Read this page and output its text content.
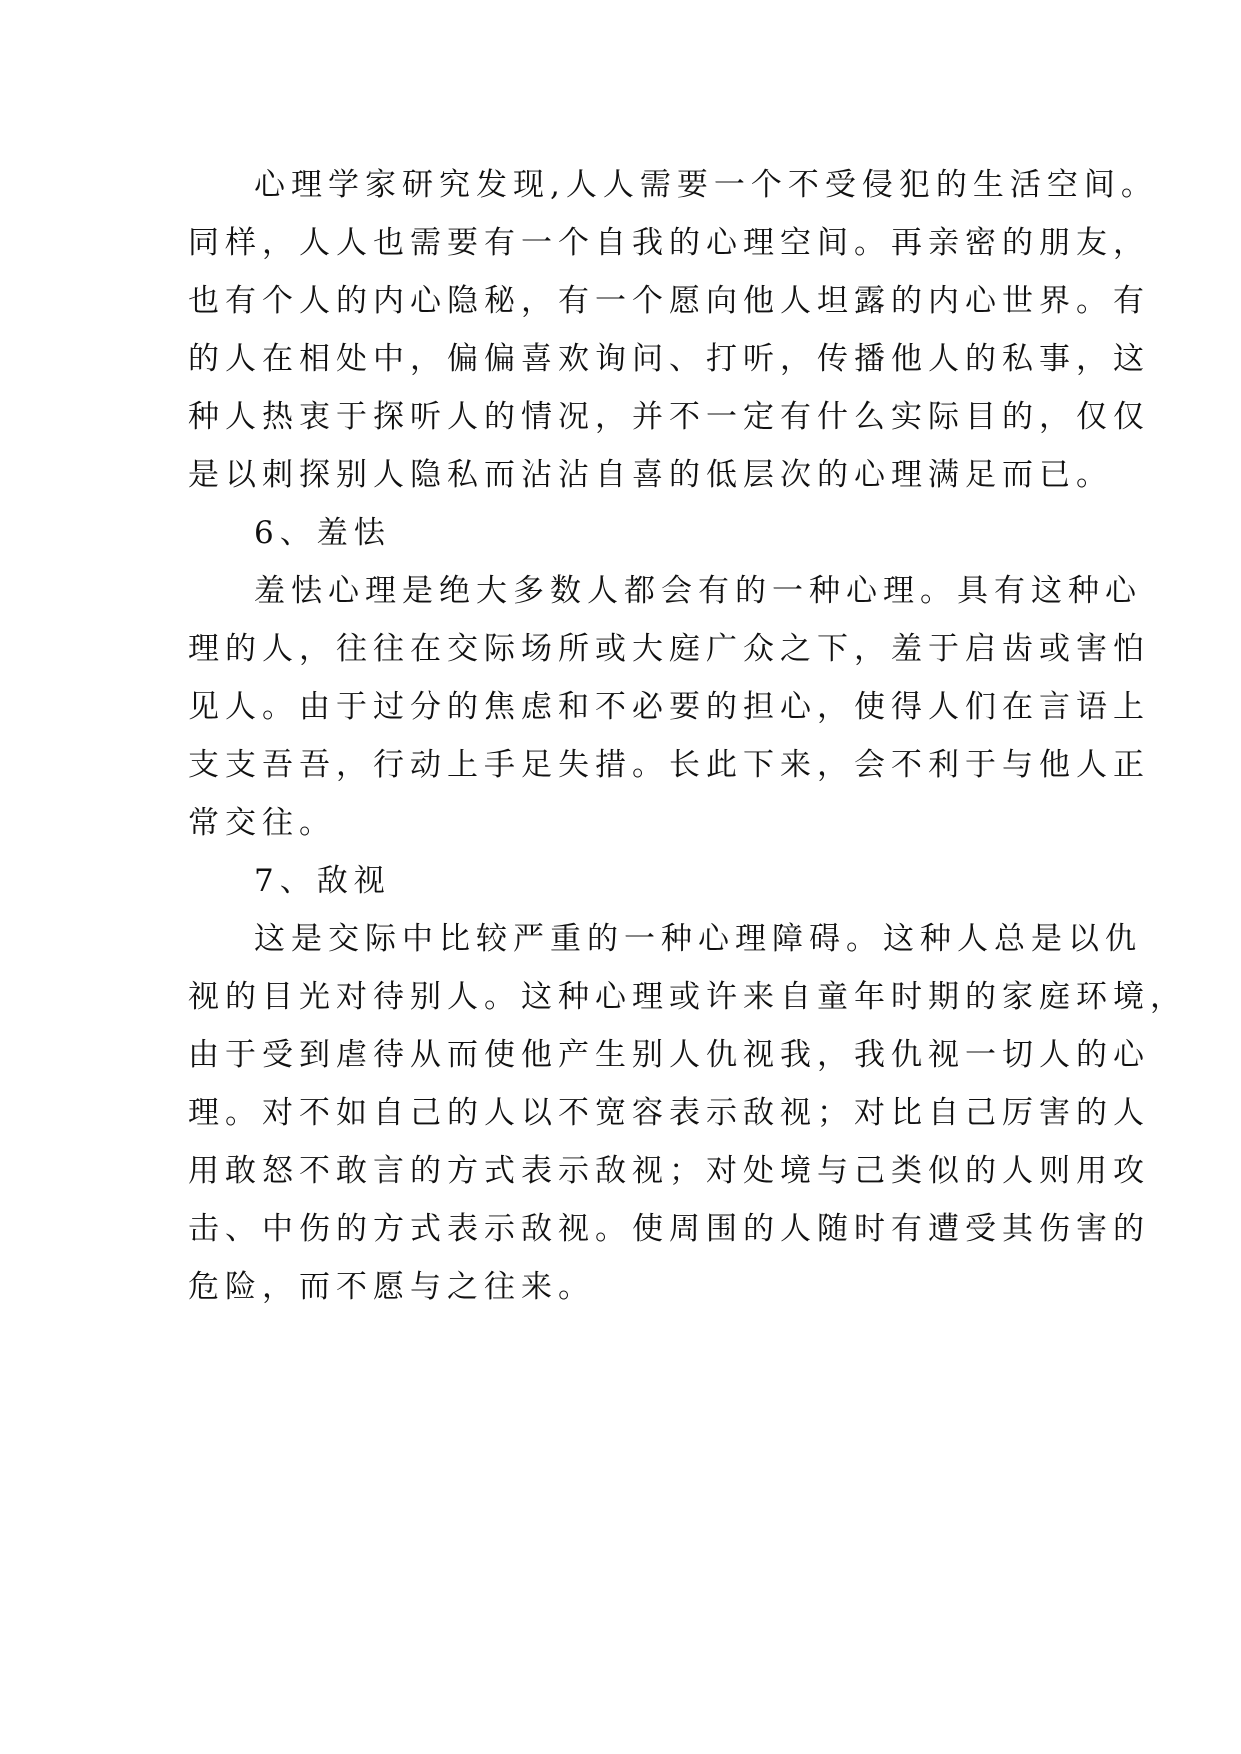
心理学家研究发现,人人需要一个不受侵犯的生活空间。
同样，人人也需要有一个自我的心理空间。再亲密的朋友，
也有个人的内心隐秘，有一个愿向他人坦露的内心世界。有
的人在相处中，偏偏喜欢询问、打听，传播他人的私事，这
种人热衷于探听人的情况，并不一定有什么实际目的，仅仅
是以刺探别人隐私而沾沾自喜的低层次的心理满足而已。
6、羞怯
羞怯心理是绝大多数人都会有的一种心理。具有这种心
理的人，往往在交际场所或大庭广众之下，羞于启齿或害怕
见人。由于过分的焦虑和不必要的担心，使得人们在言语上
支支吾吾，行动上手足失措。长此下来，会不利于与他人正
常交往。
7、敌视
这是交际中比较严重的一种心理障碍。这种人总是以仇
视的目光对待别人。这种心理或许来自童年时期的家庭环境，
由于受到虐待从而使他产生别人仇视我，我仇视一切人的心
理。对不如自己的人以不宽容表示敌视；对比自己厉害的人
用敢怒不敢言的方式表示敌视；对处境与己类似的人则用攻
击、中伤的方式表示敌视。使周围的人随时有遭受其伤害的
危险，而不愿与之往来。
